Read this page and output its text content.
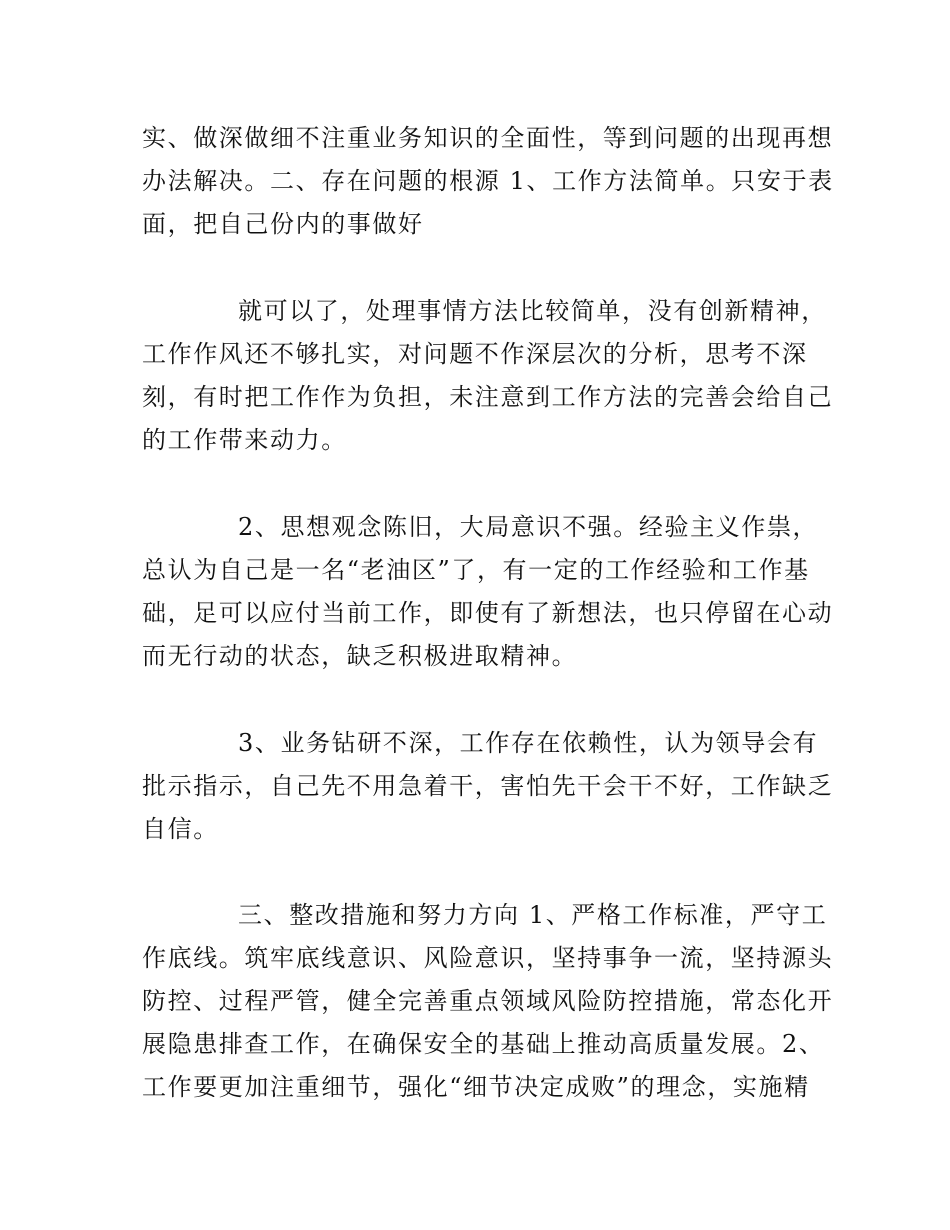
实、做深做细不注重业务知识的全面性，等到问题的出现再想
办法解决。二、存在问题的根源 1、工作方法简单。只安于表
面，把自己份内的事做好
就可以了，处理事情方法比较简单，没有创新精神，
工作作风还不够扎实，对问题不作深层次的分析，思考不深
刻，有时把工作作为负担，未注意到工作方法的完善会给自己
的工作带来动力。
2、思想观念陈旧，大局意识不强。经验主义作祟，
总认为自己是一名“老油区”了，有一定的工作经验和工作基
础，足可以应付当前工作，即使有了新想法，也只停留在心动
而无行动的状态，缺乏积极进取精神。
3、业务钻研不深，工作存在依赖性，认为领导会有
批示指示，自己先不用急着干，害怕先干会干不好，工作缺乏
自信。
三、整改措施和努力方向 1、严格工作标准，严守工
作底线。筑牢底线意识、风险意识，坚持事争一流，坚持源头
防控、过程严管，健全完善重点领域风险防控措施，常态化开
展隐患排查工作，在确保安全的基础上推动高质量发展。2、
工作要更加注重细节，强化“细节决定成败”的理念，实施精
